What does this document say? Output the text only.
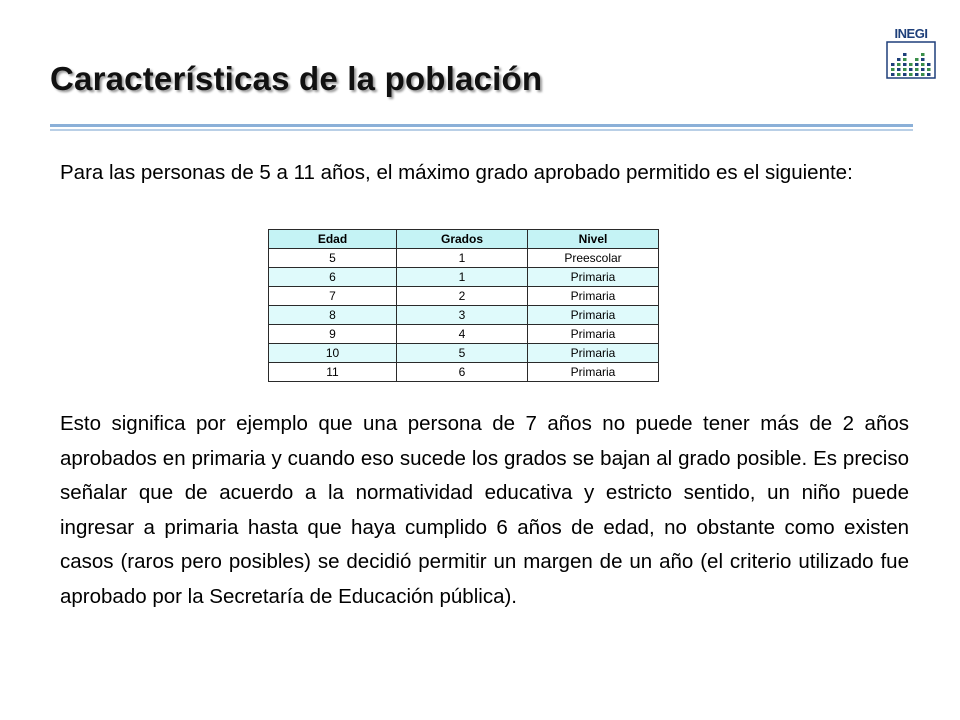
Características de la población
INEGI

Para las personas de 5 a 11 años, el máximo grado aprobado permitido es el siguiente:

Edad	Grados	Nivel
5	1	Preescolar
6	1	Primaria
7	2	Primaria
8	3	Primaria
9	4	Primaria
10	5	Primaria
11	6	Primaria

Esto significa por ejemplo que una persona de 7 años no puede tener más de 2 años aprobados en primaria y cuando eso sucede los grados se bajan al grado posible. Es preciso señalar que de acuerdo a la normatividad educativa y estricto sentido, un niño puede ingresar a primaria hasta que haya cumplido 6 años de edad, no obstante como existen casos (raros pero posibles) se decidió permitir un margen de un año (el criterio utilizado fue aprobado por la Secretaría de Educación pública).
